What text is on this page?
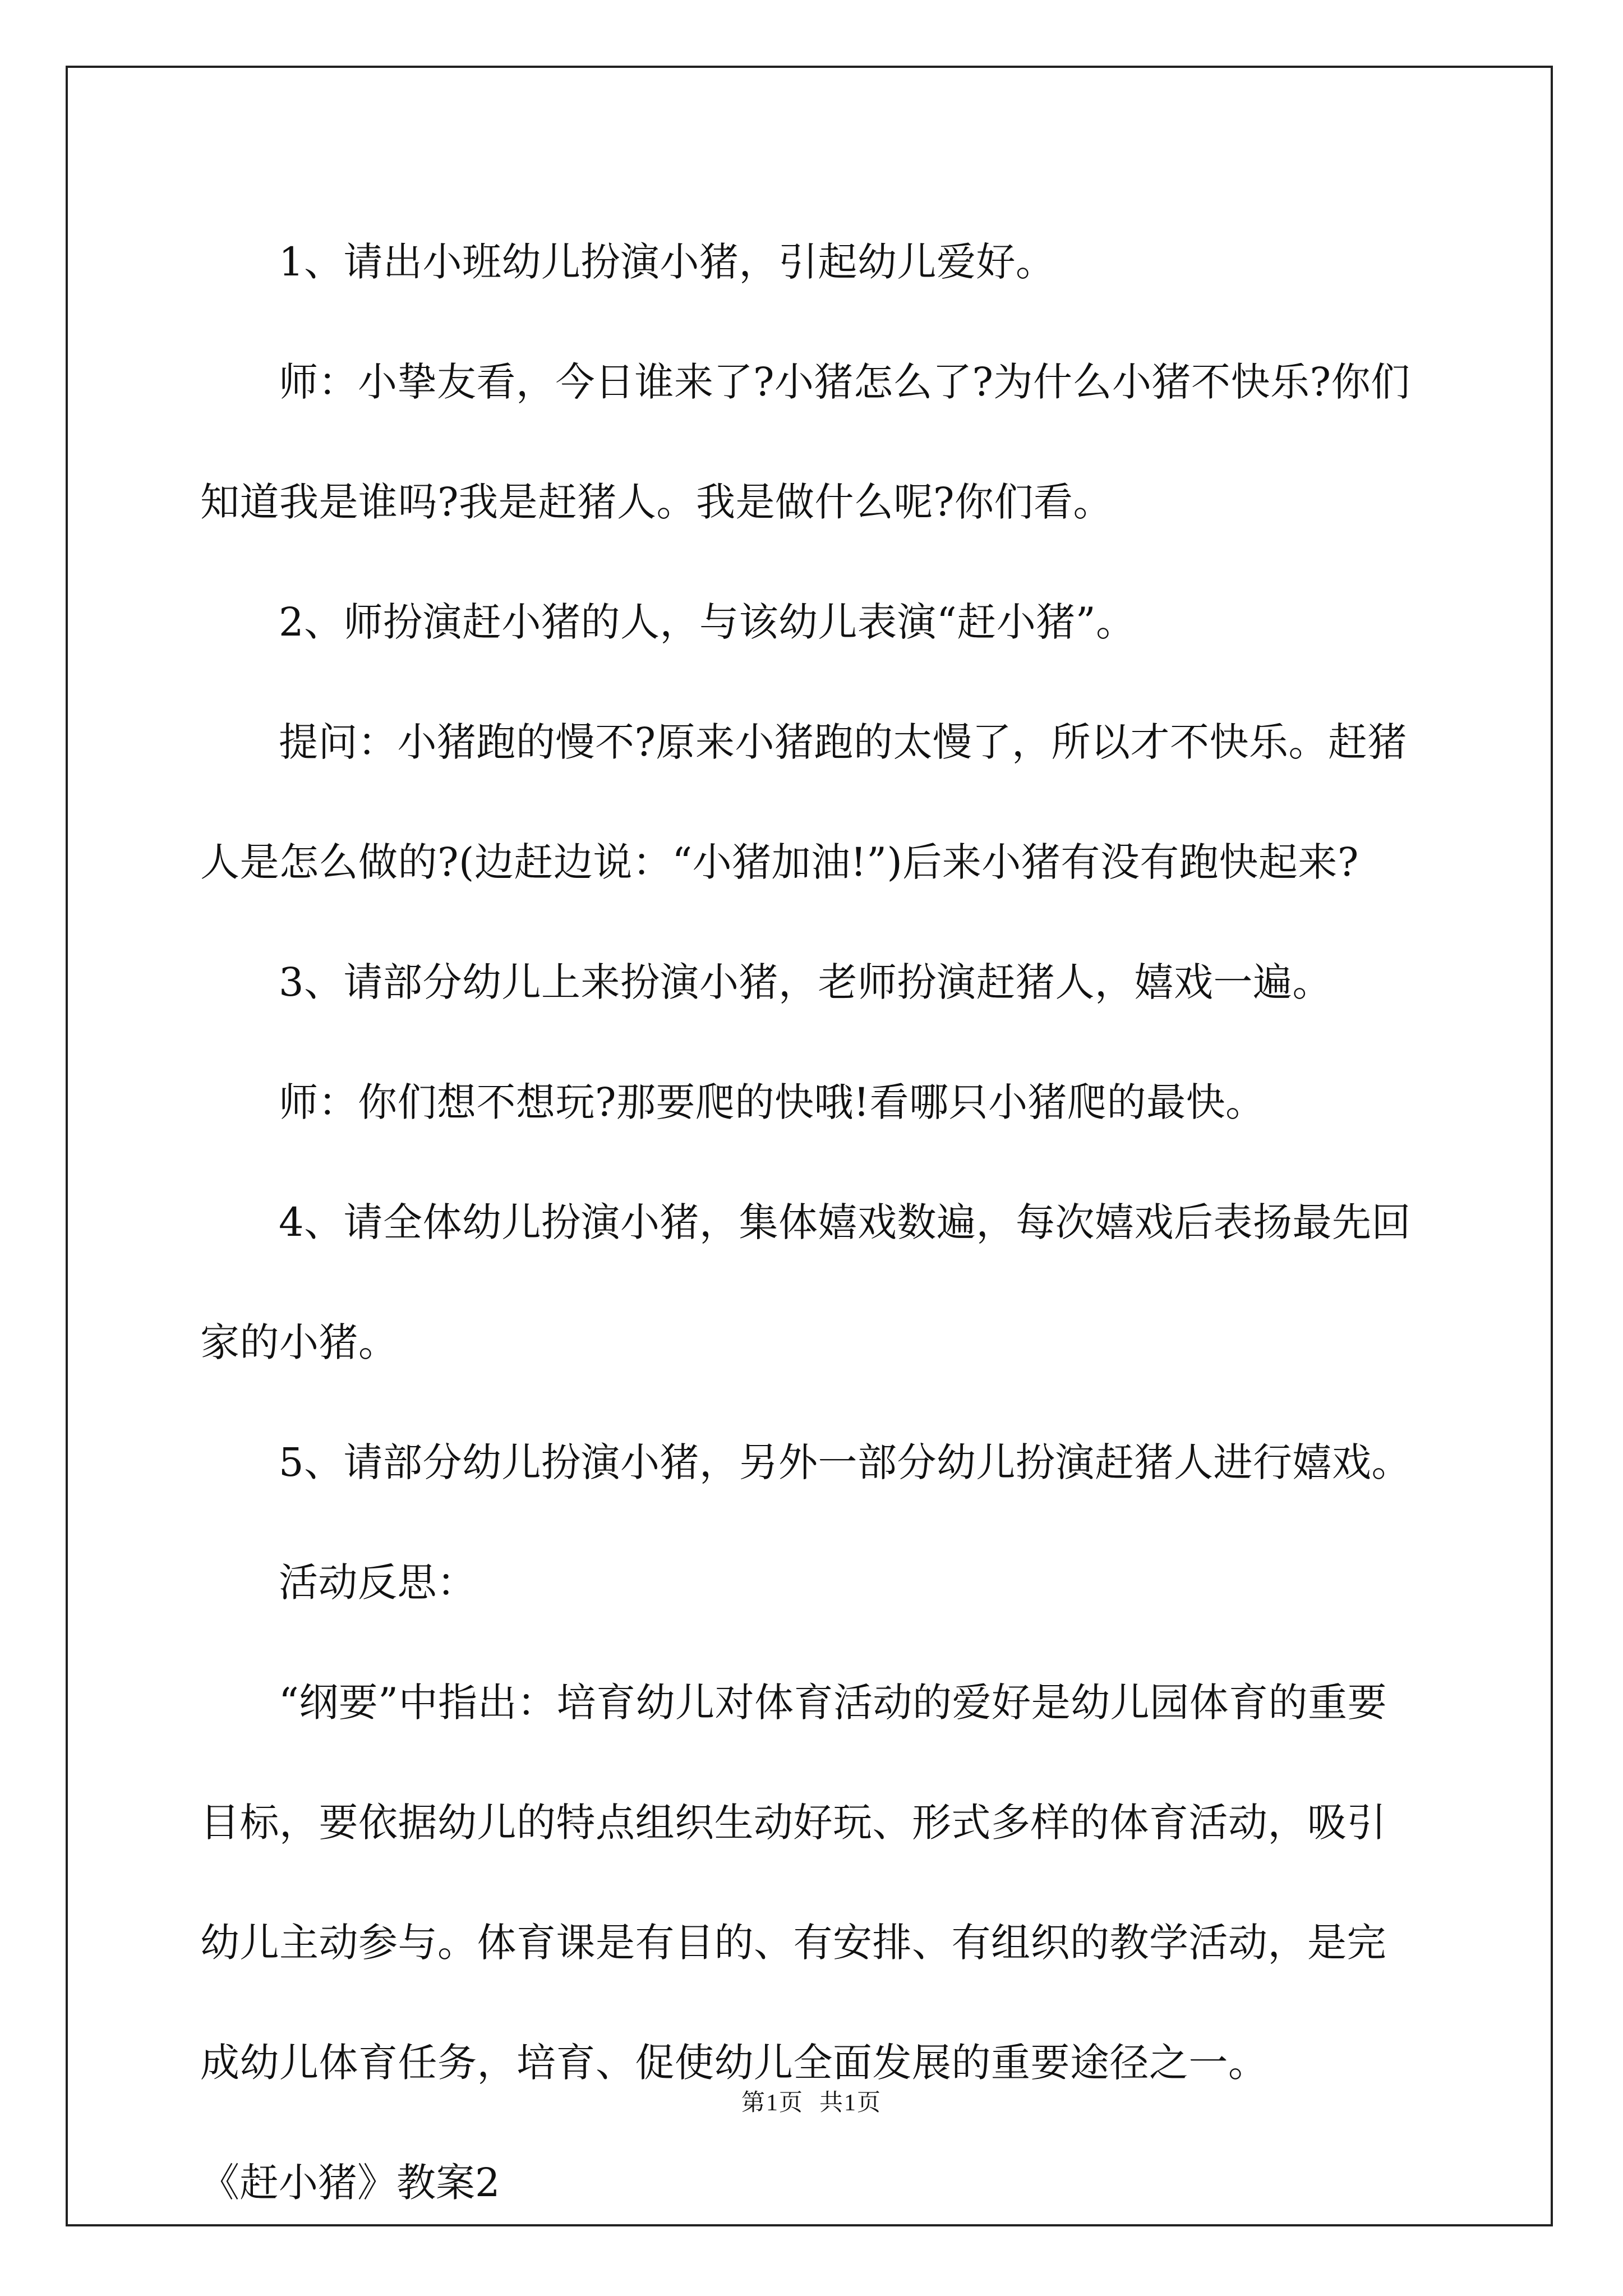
1、请出小班幼儿扮演小猪，引起幼儿爱好。

师：小挚友看，今日谁来了?小猪怎么了?为什么小猪不快乐?你们知道我是谁吗?我是赶猪人。我是做什么呢?你们看。

2、师扮演赶小猪的人，与该幼儿表演“赶小猪”。

提问：小猪跑的慢不?原来小猪跑的太慢了，所以才不快乐。赶猪人是怎么做的?(边赶边说：“小猪加油!”)后来小猪有没有跑快起来?

3、请部分幼儿上来扮演小猪，老师扮演赶猪人，嬉戏一遍。

师：你们想不想玩?那要爬的快哦!看哪只小猪爬的最快。

4、请全体幼儿扮演小猪，集体嬉戏数遍，每次嬉戏后表扬最先回家的小猪。

5、请部分幼儿扮演小猪，另外一部分幼儿扮演赶猪人进行嬉戏。

活动反思：

“纲要”中指出：培育幼儿对体育活动的爱好是幼儿园体育的重要目标，要依据幼儿的特点组织生动好玩、形式多样的体育活动，吸引幼儿主动参与。体育课是有目的、有安排、有组织的教学活动，是完成幼儿体育任务，培育、促使幼儿全面发展的重要途径之一。

《赶小猪》教案2

第1页 共1页
